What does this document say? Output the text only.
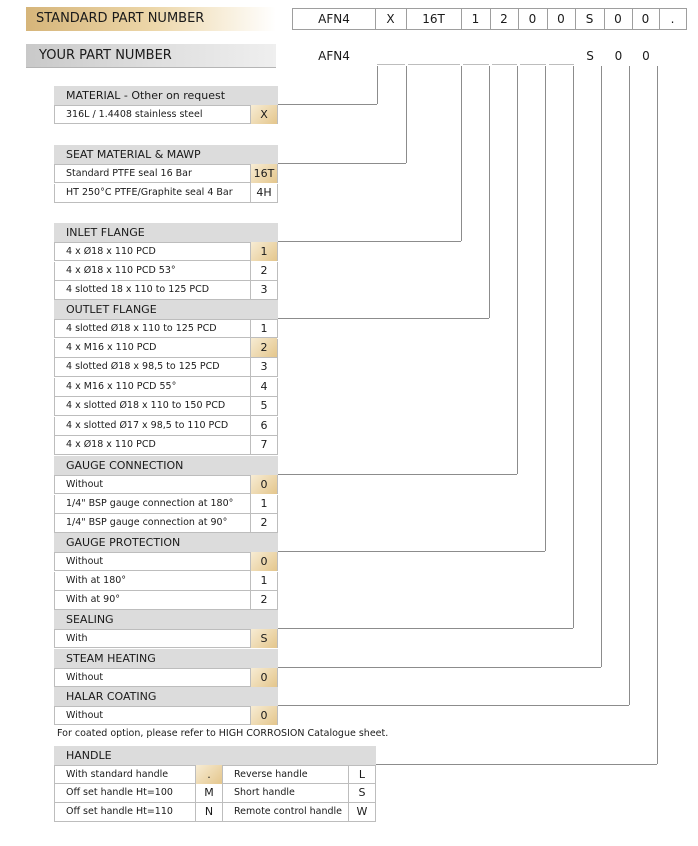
STANDARD PART NUMBER	AFN4	X	16T	1	2	0	0	S	0	0	.
YOUR PART NUMBER	AFN4	S	0	0
MATERIAL - Other on request
316L / 1.4408 stainless steel	X
SEAT MATERIAL & MAWP
Standard PTFE seal 16 Bar	16T
HT 250°C PTFE/Graphite seal 4 Bar	4H
INLET FLANGE
4 x Ø18 x 110 PCD	1
4 x Ø18 x 110 PCD 53°	2
4 slotted 18 x 110 to 125 PCD	3
OUTLET FLANGE
4 slotted Ø18 x 110 to 125 PCD	1
4 x M16 x 110 PCD	2
4 slotted Ø18 x 98,5 to 125 PCD	3
4 x M16 x 110 PCD 55°	4
4 x slotted Ø18 x 110 to 150 PCD	5
4 x slotted Ø17 x 98,5 to 110 PCD	6
4 x Ø18 x 110 PCD	7
GAUGE CONNECTION
Without	0
1/4" BSP gauge connection at 180°	1
1/4" BSP gauge connection at 90°	2
GAUGE PROTECTION
Without	0
With at 180°	1
With at 90°	2
SEALING
With	S
STEAM HEATING
Without	0
HALAR COATING
Without	0
For coated option, please refer to HIGH CORROSION Catalogue sheet.
HANDLE
With standard handle	.	Reverse handle	L
Off set handle Ht=100	M	Short handle	S
Off set handle Ht=110	N	Remote control handle	W
